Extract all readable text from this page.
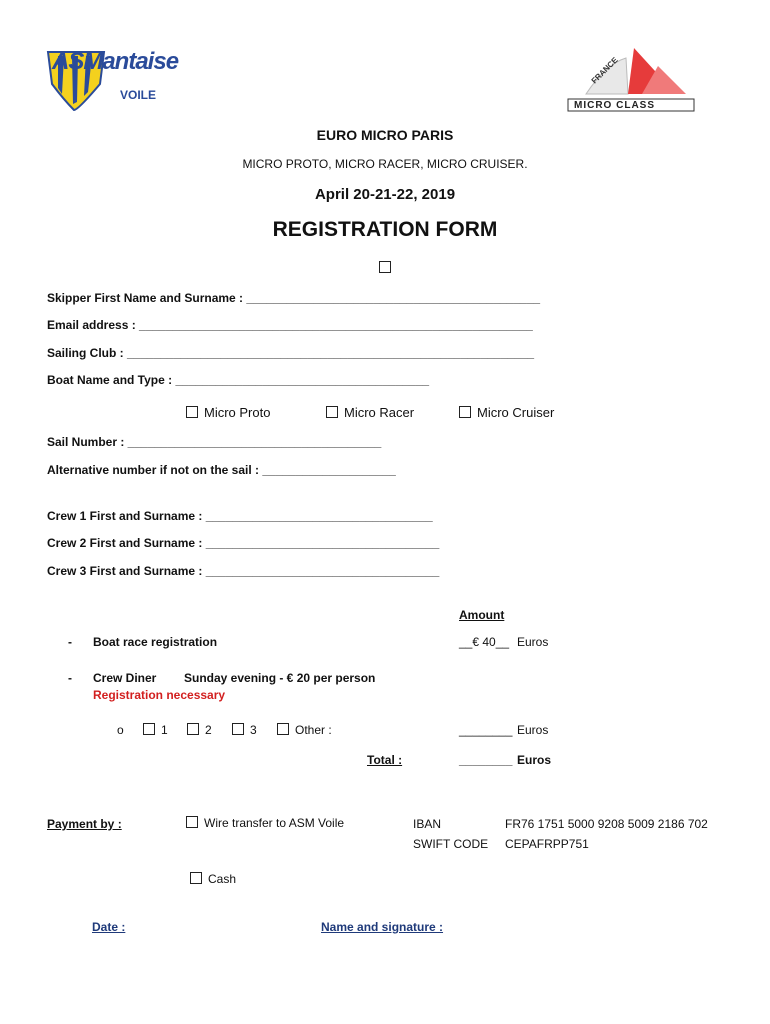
ASMantaise
VOILE
FRANCE
MICRO CLASS
EURO MICRO PARIS
MICRO PROTO, MICRO RACER, MICRO CRUISER.
April 20-21-22, 2019
REGISTRATION FORM
Skipper First Name and Surname : ____________________________________________
Email address : ___________________________________________________________
Sailing Club : _____________________________________________________________
Boat Name and Type : ______________________________________
Micro Proto	Micro Racer	Micro Cruiser
Sail Number : ______________________________________
Alternative number if not on the sail : ____________________
Crew 1 First and Surname : __________________________________
Crew 2 First and Surname : ___________________________________
Crew 3 First and Surname : ___________________________________
Amount
- Boat race registration	__€ 40__ Euros
- Crew Diner Sunday evening - € 20 per person
Registration necessary
o	1	2	3	Other :	________ Euros
Total :	________ Euros
Payment by :	Wire transfer to ASM Voile	IBAN	FR76 1751 5000 9208 5009 2186 702
SWIFT CODE CEPAFRPP751
Cash
Date :	Name and signature :
